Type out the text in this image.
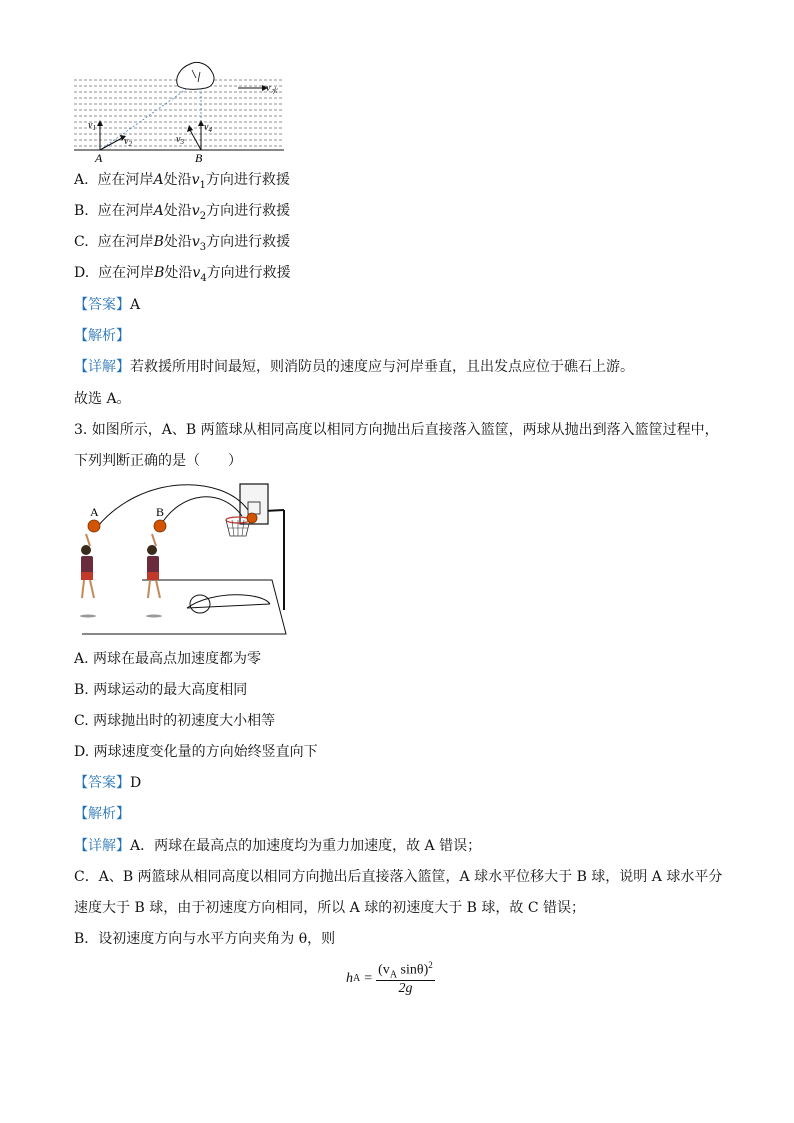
$v_1$
$v_2$	$v_3$
$v_4$
$v_水$
A	B
A. 应在河岸A处沿$v_1$方向进行救援
B. 应在河岸A处沿$v_2$方向进行救援
C. 应在河岸B处沿$v_3$方向进行救援
D. 应在河岸B处沿$v_4$方向进行救援
【答案】A
【解析】
【详解】若救援所用时间最短，则消防员的速度应与河岸垂直，且出发点应位于礁石上游。
故选 A。
3. 如图所示，A、B 两篮球从相同高度以相同方向抛出后直接落入篮筐，两球从抛出到落入篮筐过程中，
下列判断正确的是（　　）
A	B
A. 两球在最高点加速度都为零
B. 两球运动的最大高度相同
C. 两球抛出时的初速度大小相等
D. 两球速度变化量的方向始终竖直向下
【答案】D
【解析】
【详解】A．两球在最高点的加速度均为重力加速度，故 A 错误；
C．A、B 两篮球从相同高度以相同方向抛出后直接落入篮筐，A 球水平位移大于 B 球，说明 A 球水平分
速度大于 B 球，由于初速度方向相同，所以 A 球的初速度大于 B 球，故 C 错误；
B．设初速度方向与水平方向夹角为 θ，则
h $A = \frac{(v_A \sin\theta)^2}{2g}$
